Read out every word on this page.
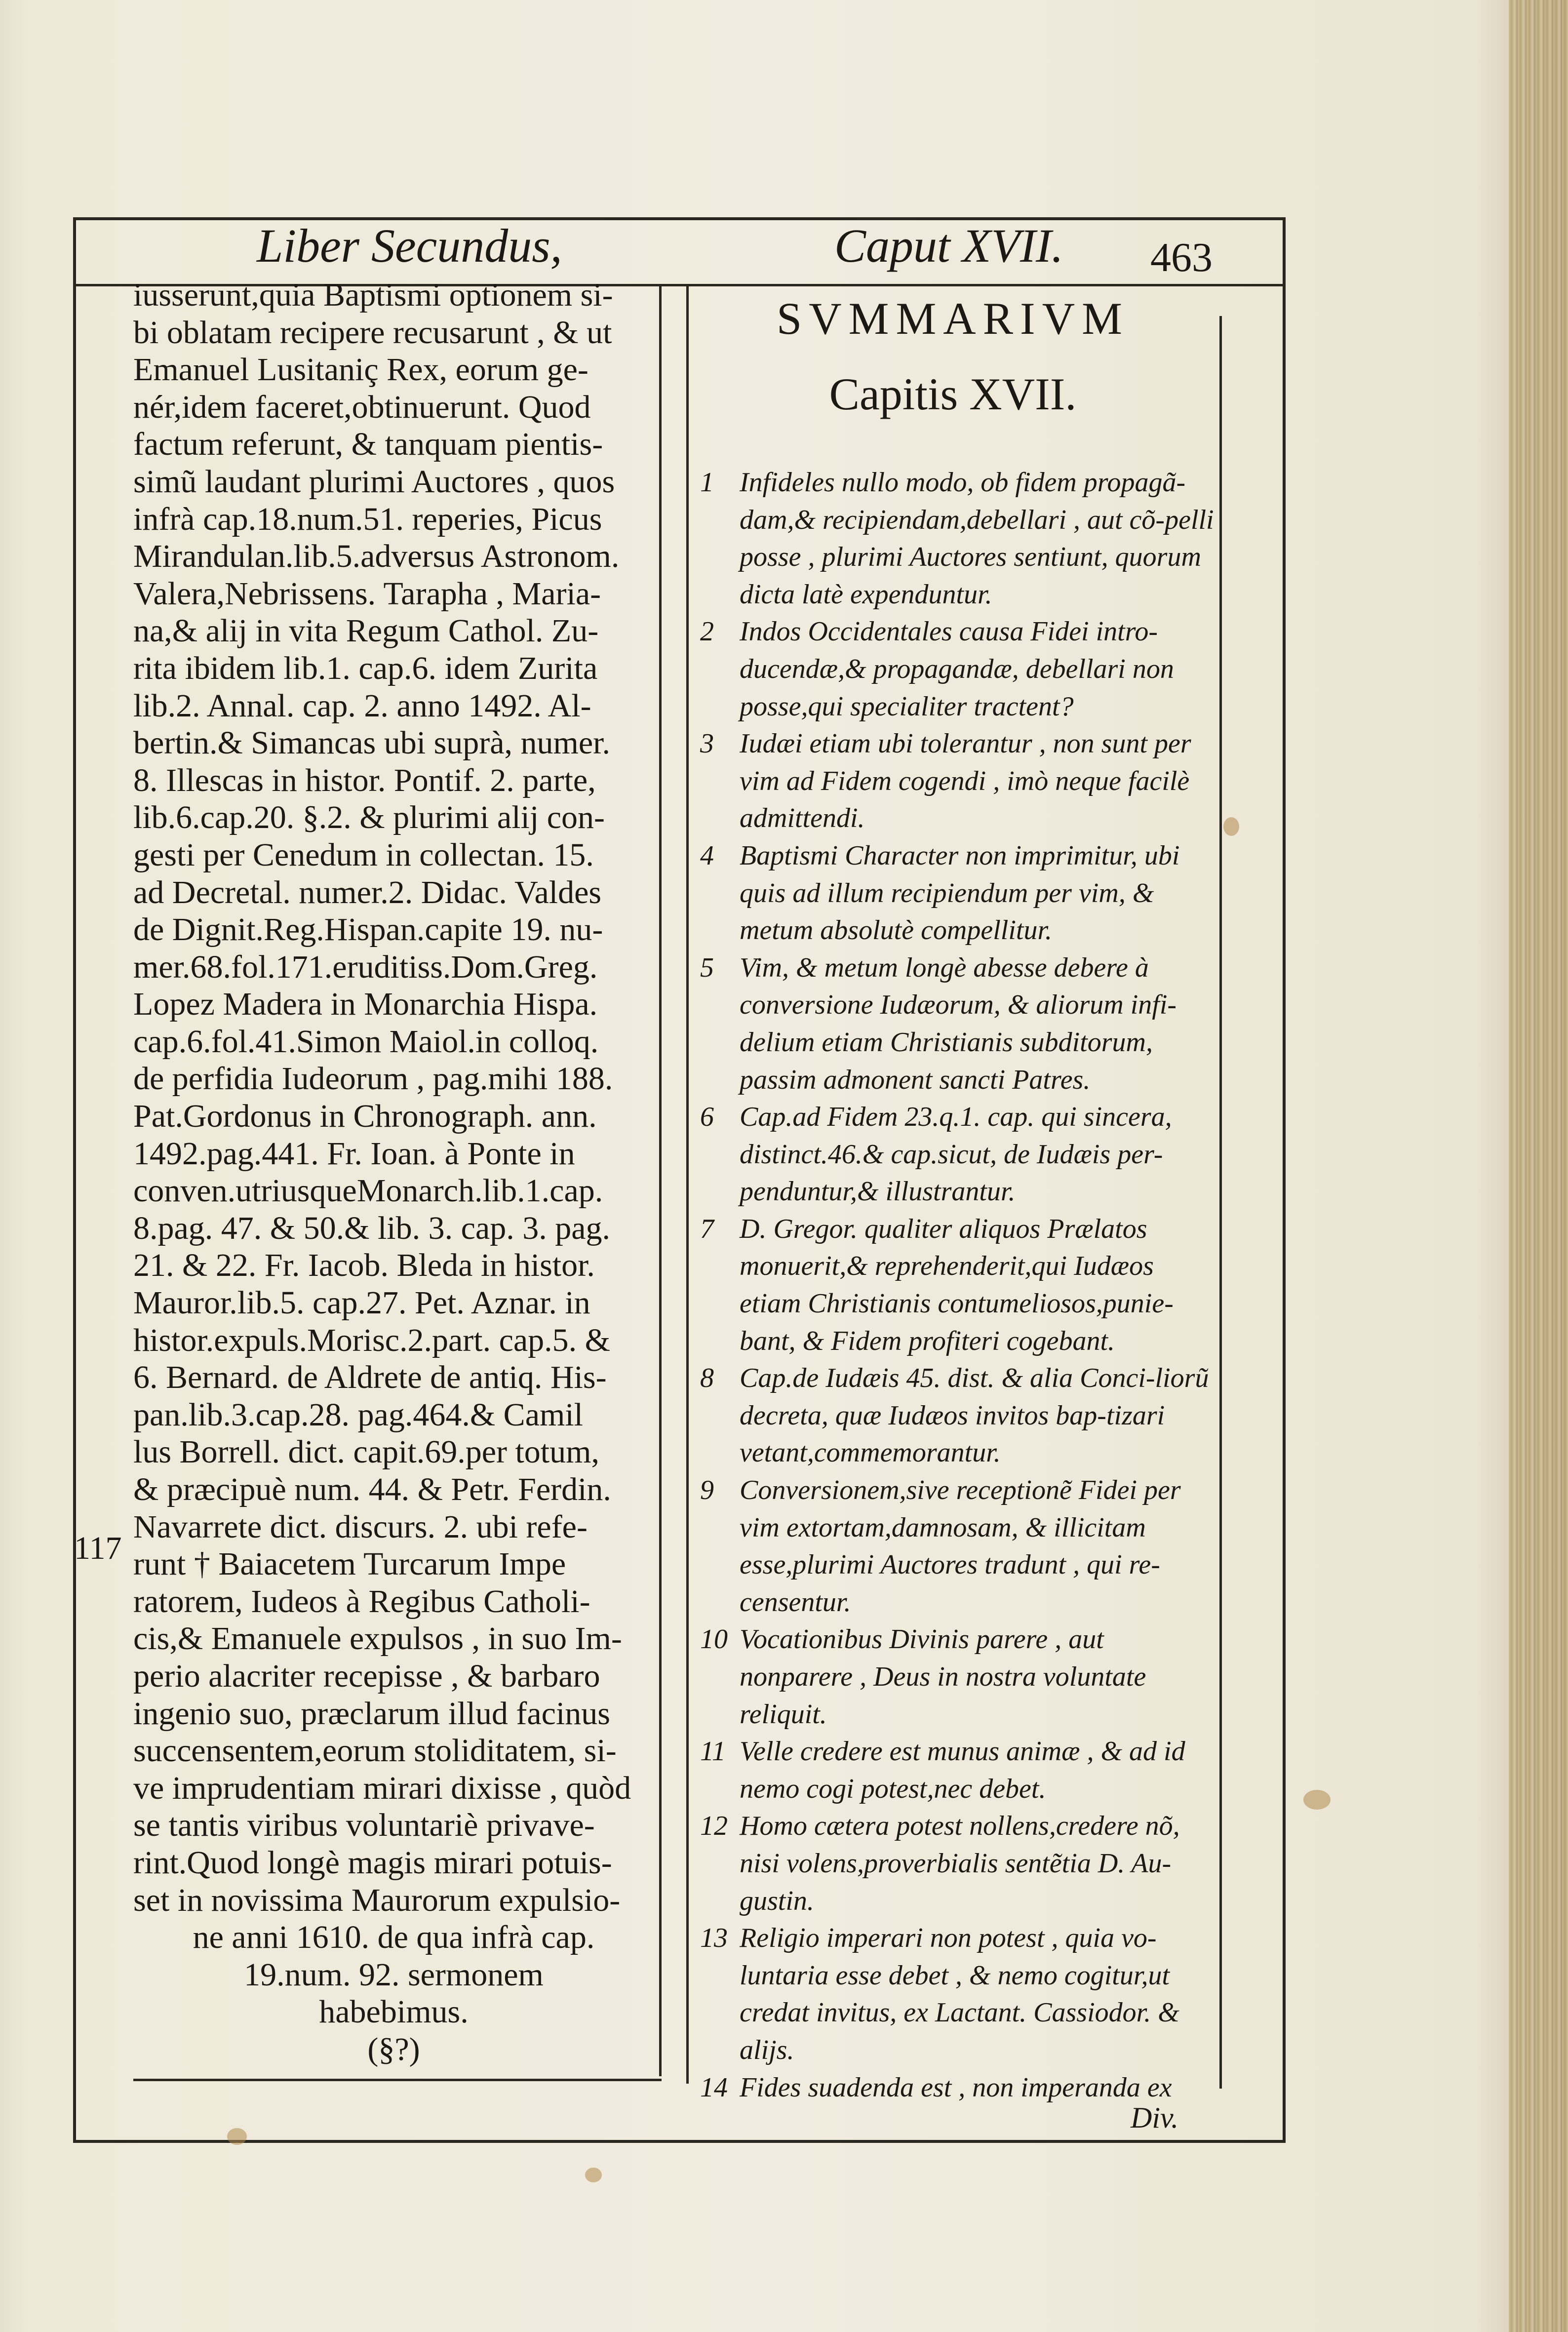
Liber Secundus,	Caput XVII. 463
117
iusserunt,quia Baptismi optionem si-
bi oblatam recipere recusarunt , & ut
Emanuel Lusitaniç Rex, eorum ge-
nér,idem faceret,obtinuerunt. Quod
factum referunt, & tanquam pientis-
simũ laudant plurimi Auctores , quos
infrà cap.18.num.51. reperies, Picus
Mirandulan.lib.5.adversus Astronom.
Valera,Nebrissens. Tarapha , Maria-
na,& alij in vita Regum Cathol. Zu-
rita ibidem lib.1. cap.6. idem Zurita
lib.2. Annal. cap. 2. anno 1492. Al-
bertin.& Simancas ubi suprà, numer.
8. Illescas in histor. Pontif. 2. parte,
lib.6.cap.20. §.2. & plurimi alij con-
gesti per Cenedum in collectan. 15.
ad Decretal. numer.2. Didac. Valdes
de Dignit.Reg.Hispan.capite 19. nu-
mer.68.fol.171.eruditiss.Dom.Greg.
Lopez Madera in Monarchia Hispa.
cap.6.fol.41.Simon Maiol.in colloq.
de perfidia Iudeorum , pag.mihi 188.
Pat.Gordonus in Chronograph. ann.
1492.pag.441. Fr. Ioan. à Ponte in
conven.utriusqueMonarch.lib.1.cap.
8.pag. 47. & 50.& lib. 3. cap. 3. pag.
21. & 22. Fr. Iacob. Bleda in histor.
Mauror.lib.5. cap.27. Pet. Aznar. in
histor.expuls.Morisc.2.part. cap.5. &
6. Bernard. de Aldrete de antiq. His-
pan.lib.3.cap.28. pag.464.& Camil
lus Borrell. dict. capit.69.per totum,
& præcipuè num. 44. & Petr. Ferdin.
Navarrete dict. discurs. 2. ubi refe-
runt † Baiacetem Turcarum Impe
ratorem, Iudeos à Regibus Catholi-
cis,& Emanuele expulsos , in suo Im-
perio alacriter recepisse , & barbaro
ingenio suo, præclarum illud facinus
succensentem,eorum stoliditatem, si-
ve imprudentiam mirari dixisse , quòd
se tantis viribus voluntariè privave-
rint.Quod longè magis mirari potuis-
set in novissima Maurorum expulsio-
ne anni 1610. de qua infrà cap.
19.num. 92. sermonem
habebimus.
(§?)
SVMMARIVM
Capitis XVII.
1 Infideles nullo modo, ob fidem propagã-dam,& recipiendam,debellari , aut cõ-pelli posse , plurimi Auctores sentiunt, quorum dicta latè expenduntur.
2 Indos Occidentales causa Fidei intro-ducendæ,& propagandæ, debellari non posse,qui specialiter tractent?
3 Iudæi etiam ubi tolerantur , non sunt per vim ad Fidem cogendi , imò neque facilè admittendi.
4 Baptismi Character non imprimitur, ubi quis ad illum recipiendum per vim, & metum absolutè compellitur.
5 Vim, & metum longè abesse debere à conversione Iudæorum, & aliorum infi-delium etiam Christianis subditorum, passim admonent sancti Patres.
6 Cap.ad Fidem 23.q.1. cap. qui sincera, distinct.46.& cap.sicut, de Iudæis per-penduntur,& illustrantur.
7 D. Gregor. qualiter aliquos Prælatos monuerit,& reprehenderit,qui Iudæos etiam Christianis contumeliosos,punie-bant, & Fidem profiteri cogebant.
8 Cap.de Iudæis 45. dist. & alia Conci-liorũ decreta, quæ Iudæos invitos bap-tizari vetant,commemorantur.
9 Conversionem,sive receptionẽ Fidei per vim extortam,damnosam, & illicitam esse,plurimi Auctores tradunt , qui re-censentur.
10 Vocationibus Divinis parere , aut nonparere , Deus in nostra voluntate reliquit.
11 Velle credere est munus animæ , & ad id nemo cogi potest,nec debet.
12 Homo cætera potest nollens,credere nõ, nisi volens,proverbialis sentẽtia D. Au-gustin.
13 Religio imperari non potest , quia vo-luntaria esse debet , & nemo cogitur,ut credat invitus, ex Lactant. Cassiodor. & alijs.
14 Fides suadenda est , non imperanda ex
Div.
